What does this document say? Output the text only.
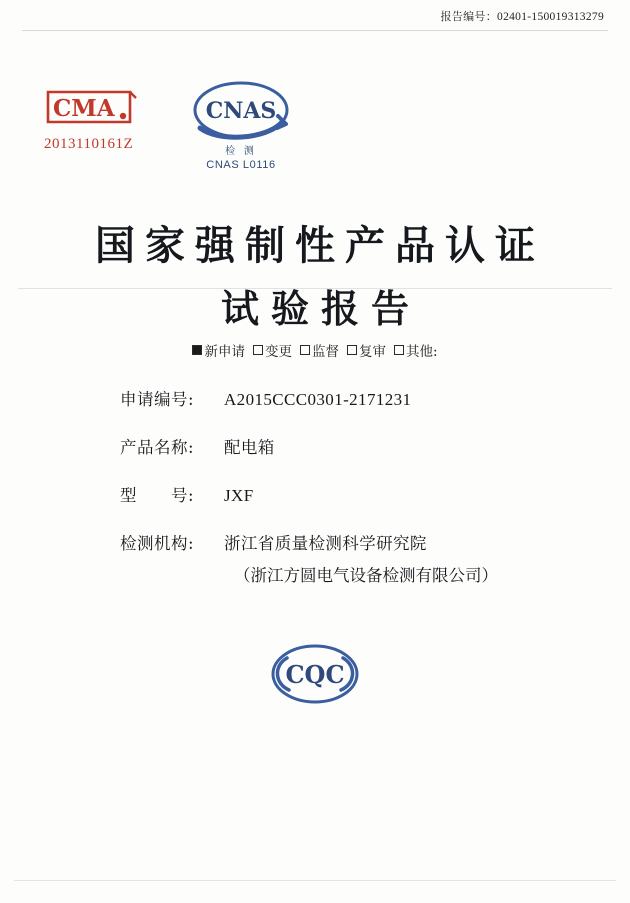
报告编号：02401-150019313279
CMA
2013110161Z
CNAS
检 测
CNAS L0116
国家强制性产品认证
试验报告
新申请 变更 监督 复审 其他:
申请编号:	A2015CCC0301-2171231
产品名称:	配电箱
型　　号:	JXF
检测机构:	浙江省质量检测科学研究院
（浙江方圆电气设备检测有限公司）
CQC
